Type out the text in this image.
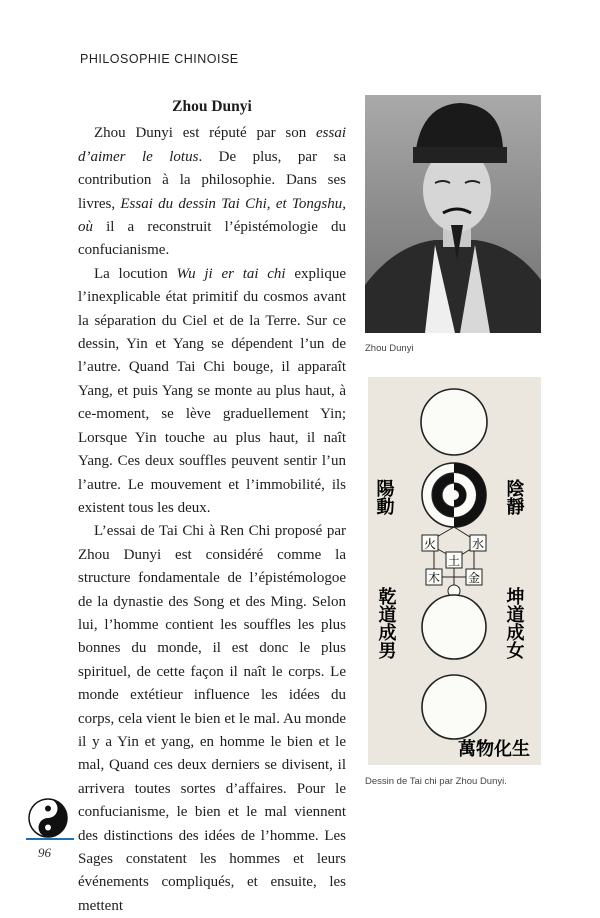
PHILOSOPHIE CHINOISE
Zhou Dunyi

Zhou Dunyi est réputé par son essai d’aimer le lotus. De plus, par sa contribution à la philosophie. Dans ses livres, Essai du dessin Tai Chi, et Tongshu, où il a reconstruit l’épistémologie du confucianisme.

La locution Wu ji er tai chi explique l’inexplicable état primitif du cosmos avant la séparation du Ciel et de la Terre. Sur ce dessin, Yin et Yang se dépendent l’un de l’autre. Quand Tai Chi bouge, il apparaît Yang, et puis Yang se monte au plus haut, à ce-moment, se lève graduellement Yin; Lorsque Yin touche au plus haut, il naît Yang. Ces deux souffles peuvent sentir l’un l’autre. Le mouvement et l’immobilité, ils existent tous les deux.

L’essai de Tai Chi à Ren Chi proposé par Zhou Dunyi est considéré comme la structure fondamentale de l’épistémologoe de la dynastie des Song et des Ming. Selon lui, l’homme contient les souffles les plus bonnes du monde, il est donc le plus spirituel, de cette façon il naît le corps. Le monde extétieur influence les idées du corps, cela vient le bien et le mal. Au monde il y a Yin et yang, en homme le bien et le mal, Quand ces deux derniers se divisent, il arrivera toutes sortes d’affaires. Pour le confucianisme, le bien et le mal viennent des distinctions des idées de l’homme. Les Sages constatent les hommes et leurs événements compliqués, et ensuite, les mettent

Zhou Dunyi
火	水
土
木 金
陽動	陰靜
乾道成男	坤道成女
萬物化生
Dessin de Tai chi par Zhou Dunyi.
96
